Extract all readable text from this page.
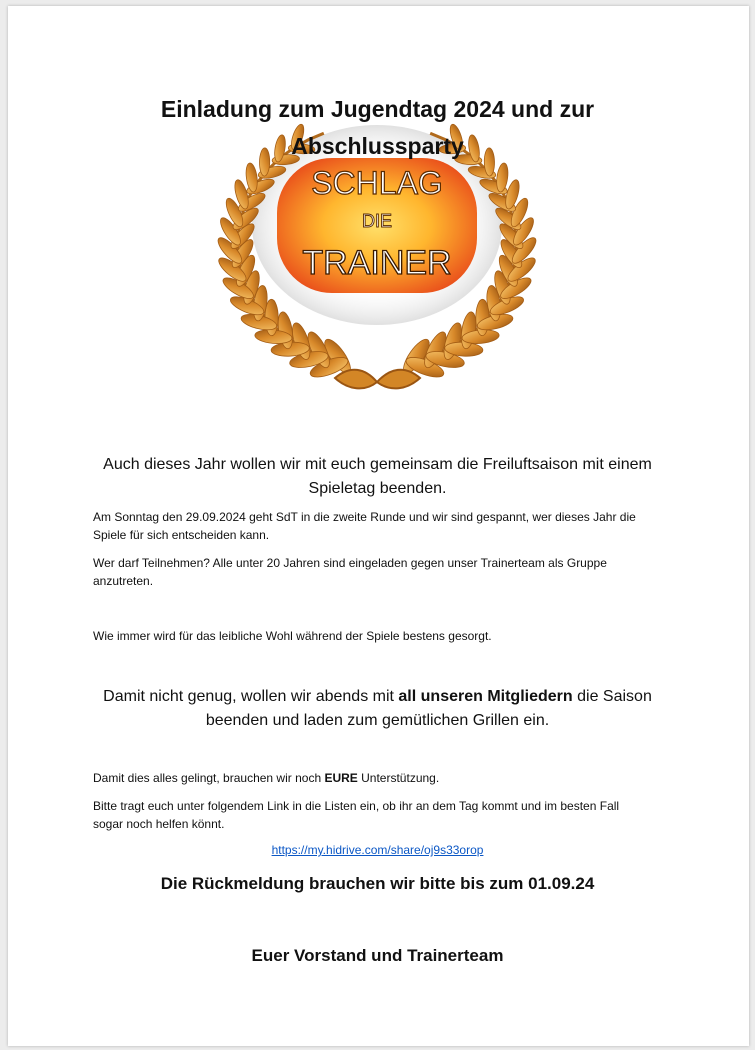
SCHLAG
DIE
TRAINER
Einladung zum Jugendtag 2024 und zur
Abschlussparty
Auch dieses Jahr wollen wir mit euch gemeinsam die Freiluftsaison mit einem
Spieletag beenden.
Am Sonntag den 29.09.2024 geht SdT in die zweite Runde und wir sind gespannt, wer dieses Jahr die
Spiele für sich entscheiden kann.
Wer darf Teilnehmen? Alle unter 20 Jahren sind eingeladen gegen unser Trainerteam als Gruppe
anzutreten.
Wie immer wird für das leibliche Wohl während der Spiele bestens gesorgt.
Damit nicht genug, wollen wir abends mit all unseren Mitgliedern die Saison
beenden und laden zum gemütlichen Grillen ein.
Damit dies alles gelingt, brauchen wir noch EURE Unterstützung.
Bitte tragt euch unter folgendem Link in die Listen ein, ob ihr an dem Tag kommt und im besten Fall
sogar noch helfen könnt.
https://my.hidrive.com/share/oj9s33orop
Die Rückmeldung brauchen wir bitte bis zum 01.09.24
Euer Vorstand und Trainerteam
